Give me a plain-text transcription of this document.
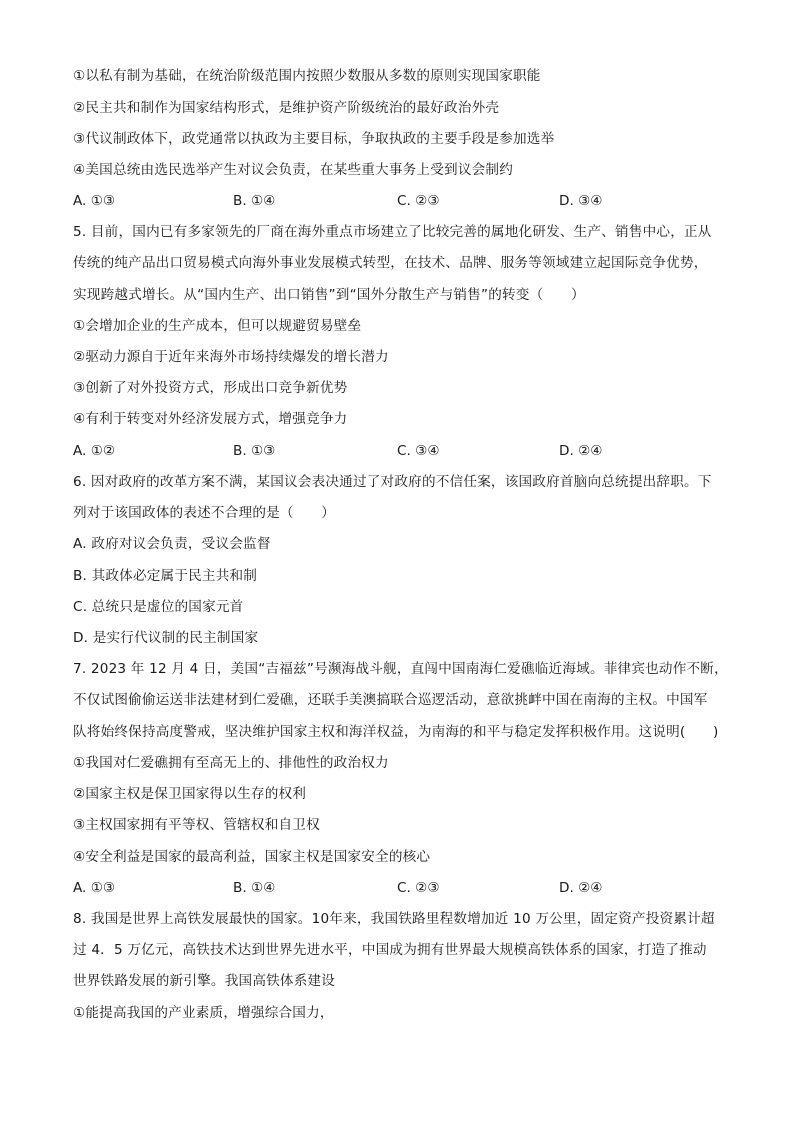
①以私有制为基础，在统治阶级范围内按照少数服从多数的原则实现国家职能
②民主共和制作为国家结构形式，是维护资产阶级统治的最好政治外壳
③代议制政体下，政党通常以执政为主要目标，争取执政的主要手段是参加选举
④美国总统由选民选举产生对议会负责，在某些重大事务上受到议会制约
A. ①③	B. ①④	C. ②③	D. ③④
5. 目前，国内已有多家领先的厂商在海外重点市场建立了比较完善的属地化研发、生产、销售中心，正从
传统的纯产品出口贸易模式向海外事业发展模式转型，在技术、品牌、服务等领域建立起国际竞争优势，
实现跨越式增长。从“国内生产、出口销售”到“国外分散生产与销售”的转变（　　）
①会增加企业的生产成本，但可以规避贸易壁垒
②驱动力源自于近年来海外市场持续爆发的增长潜力
③创新了对外投资方式，形成出口竞争新优势
④有利于转变对外经济发展方式，增强竞争力
A. ①②	B. ①③	C. ③④	D. ②④
6. 因对政府的改革方案不满，某国议会表决通过了对政府的不信任案，该国政府首脑向总统提出辞职。下
列对于该国政体的表述不合理的是（　　）
A. 政府对议会负责，受议会监督
B. 其政体必定属于民主共和制
C. 总统只是虚位的国家元首
D. 是实行代议制的民主制国家
7. 2023 年 12 月 4 日，美国“吉福兹”号濒海战斗舰，直闯中国南海仁爱礁临近海域。菲律宾也动作不断，
不仅试图偷偷运送非法建材到仁爱礁，还联手美澳搞联合巡逻活动，意欲挑衅中国在南海的主权。中国军
队将始终保持高度警戒，坚决维护国家主权和海洋权益，为南海的和平与稳定发挥积极作用。这说明(　　)
①我国对仁爱礁拥有至高无上的、排他性的政治权力
②国家主权是保卫国家得以生存的权利
③主权国家拥有平等权、管辖权和自卫权
④安全利益是国家的最高利益，国家主权是国家安全的核心
A. ①③	B. ①④	C. ②③	D. ②④
8. 我国是世界上高铁发展最快的国家。10年来，我国铁路里程数增加近 10 万公里，固定资产投资累计超
过 4．5 万亿元，高铁技术达到世界先进水平，中国成为拥有世界最大规模高铁体系的国家，打造了推动
世界铁路发展的新引擎。我国高铁体系建设
①能提高我国的产业素质，增强综合国力，
